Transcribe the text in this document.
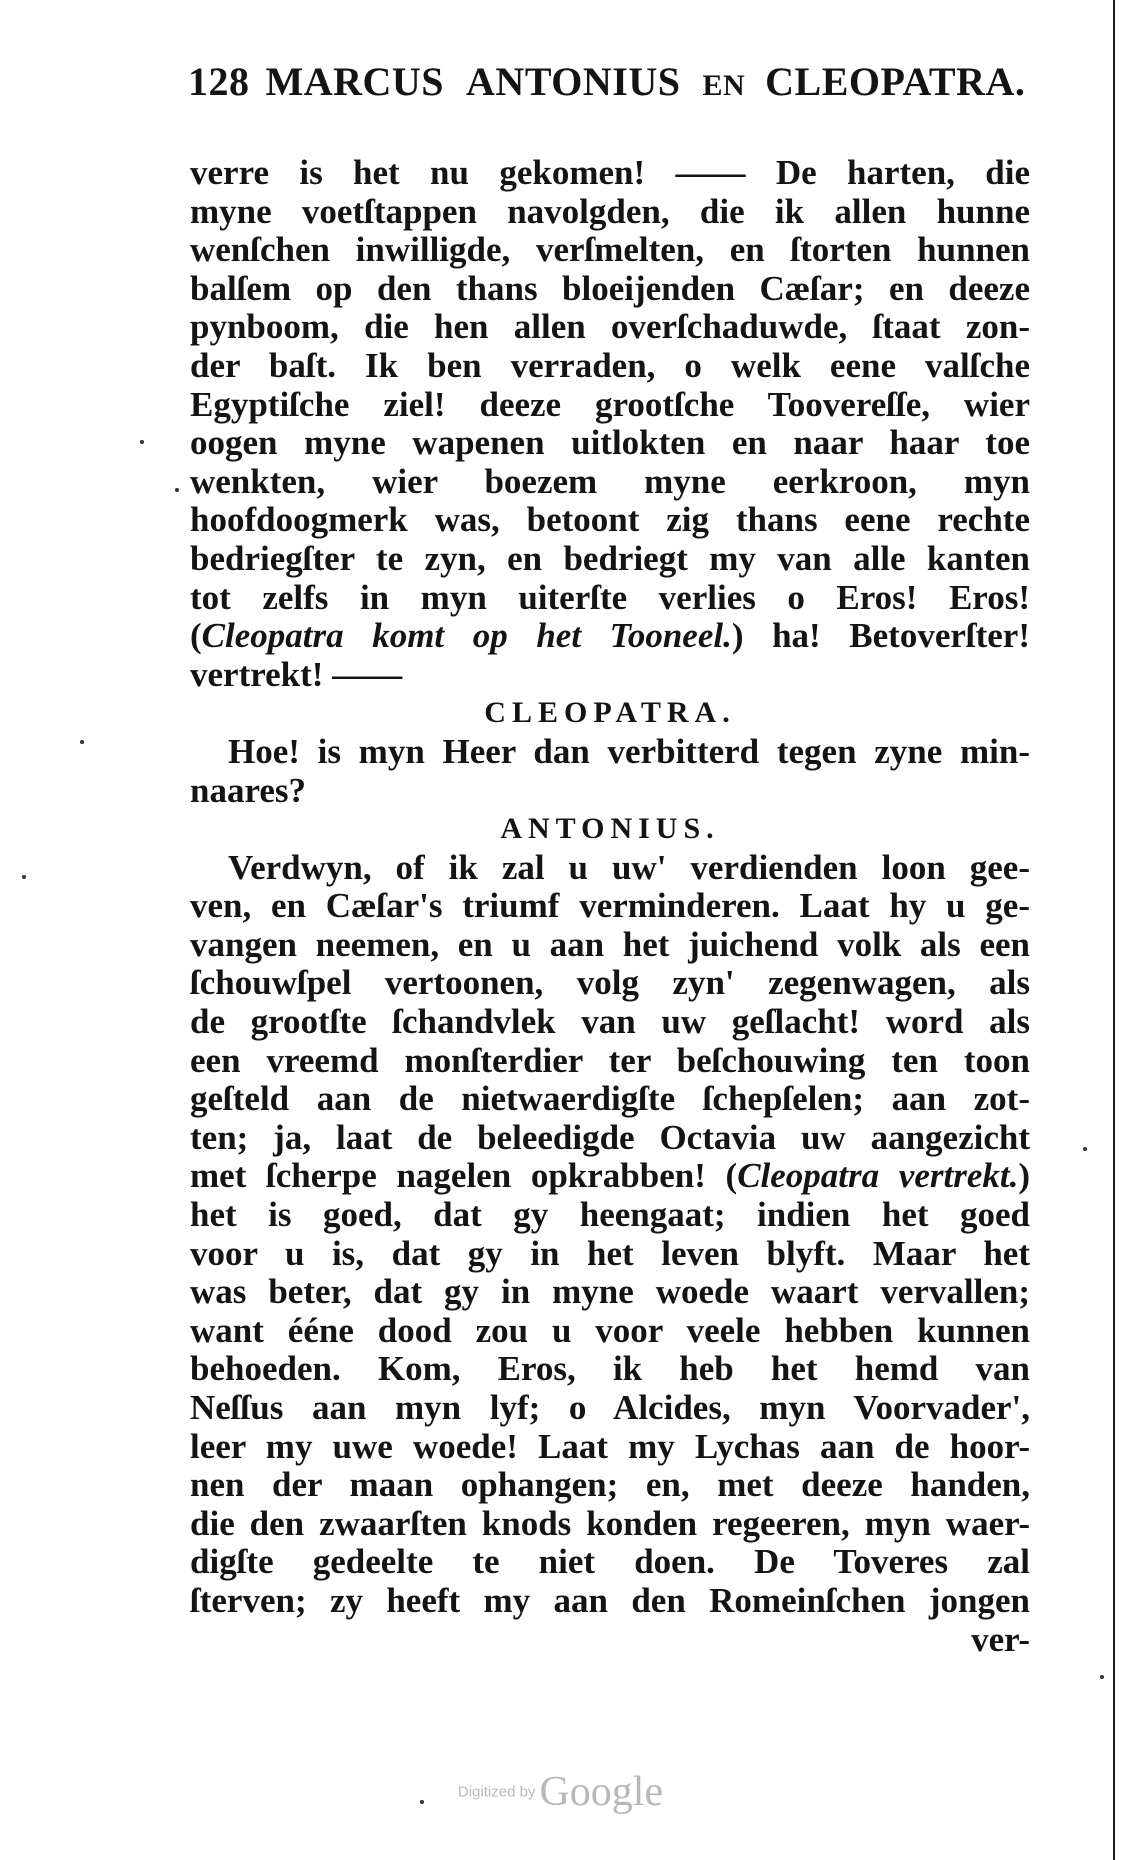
128 MARCUS ANTONIUS EN CLEOPATRA.
verre is het nu gekomen! —— De harten, die
myne voetſtappen navolgden, die ik allen hunne
wenſchen inwilligde, verſmelten, en ſtorten hunnen
balſem op den thans bloeijenden Cæſar; en deeze
pynboom, die hen allen overſchaduwde, ſtaat zon-
der baſt. Ik ben verraden, o welk eene valſche
Egyptiſche ziel! deeze grootſche Toovereſſe, wier
oogen myne wapenen uitlokten en naar haar toe
wenkten, wier boezem myne eerkroon, myn
hoofdoogmerk was, betoont zig thans eene rechte
bedriegſter te zyn, en bedriegt my van alle kanten
tot zelfs in myn uiterſte verlies o Eros! Eros!
(Cleopatra komt op het Tooneel.) ha! Betoverſter!
vertrekt! ——
CLEOPATRA.
Hoe! is myn Heer dan verbitterd tegen zyne min-
naares?
ANTONIUS.
Verdwyn, of ik zal u uw' verdienden loon gee-
ven, en Cæſar's triumf verminderen. Laat hy u ge-
vangen neemen, en u aan het juichend volk als een
ſchouwſpel vertoonen, volg zyn' zegenwagen, als
de grootſte ſchandvlek van uw geſlacht! word als
een vreemd monſterdier ter beſchouwing ten toon
geſteld aan de nietwaerdigſte ſchepſelen; aan zot-
ten; ja, laat de beleedigde Octavia uw aangezicht
met ſcherpe nagelen opkrabben! (Cleopatra vertrekt.)
het is goed, dat gy heengaat; indien het goed
voor u is, dat gy in het leven blyft. Maar het
was beter, dat gy in myne woede waart vervallen;
want ééne dood zou u voor veele hebben kunnen
behoeden. Kom, Eros, ik heb het hemd van
Neſſus aan myn lyf; o Alcides, myn Voorvader',
leer my uwe woede! Laat my Lychas aan de hoor-
nen der maan ophangen; en, met deeze handen,
die den zwaarſten knods konden regeeren, myn waer-
digſte gedeelte te niet doen. De Toveres zal
ſterven; zy heeft my aan den Romeinſchen jongen
ver-
Digitized byGoogle
